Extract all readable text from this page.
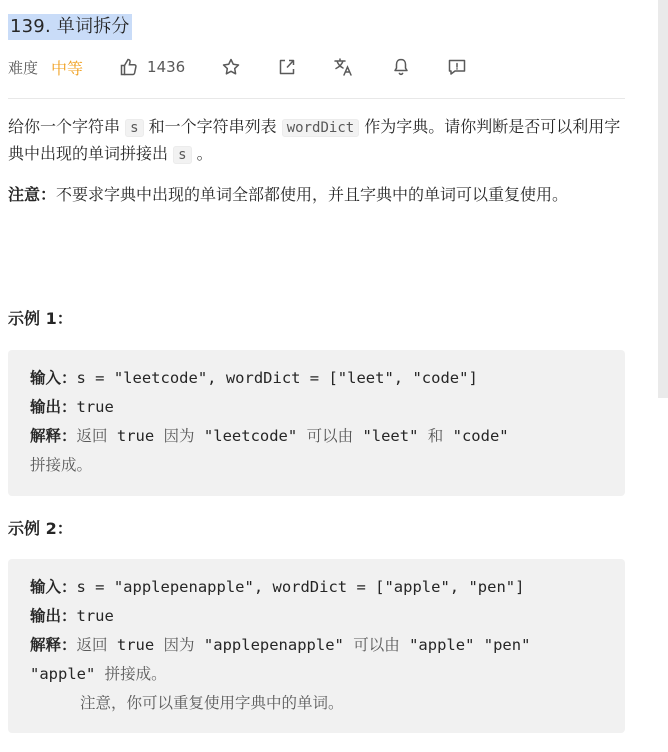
139. 单词拆分
难度 中等	1436

给你一个字符串 s 和一个字符串列表 wordDict 作为字典。请你判断是否可以利用字典中出现的单词拼接出 s 。

注意：不要求字典中出现的单词全部都使用，并且字典中的单词可以重复使用。

示例 1：
输入：s = "leetcode", wordDict = ["leet", "code"]
输出：true
解释：返回 true 因为 "leetcode" 可以由 "leet" 和 "code"
拼接成。
示例 2：
输入：s = "applepenapple", wordDict = ["apple", "pen"]
输出：true
解释：返回 true 因为 "applepenapple" 可以由 "apple" "pen"
"apple" 拼接成。
注意，你可以重复使用字典中的单词。
